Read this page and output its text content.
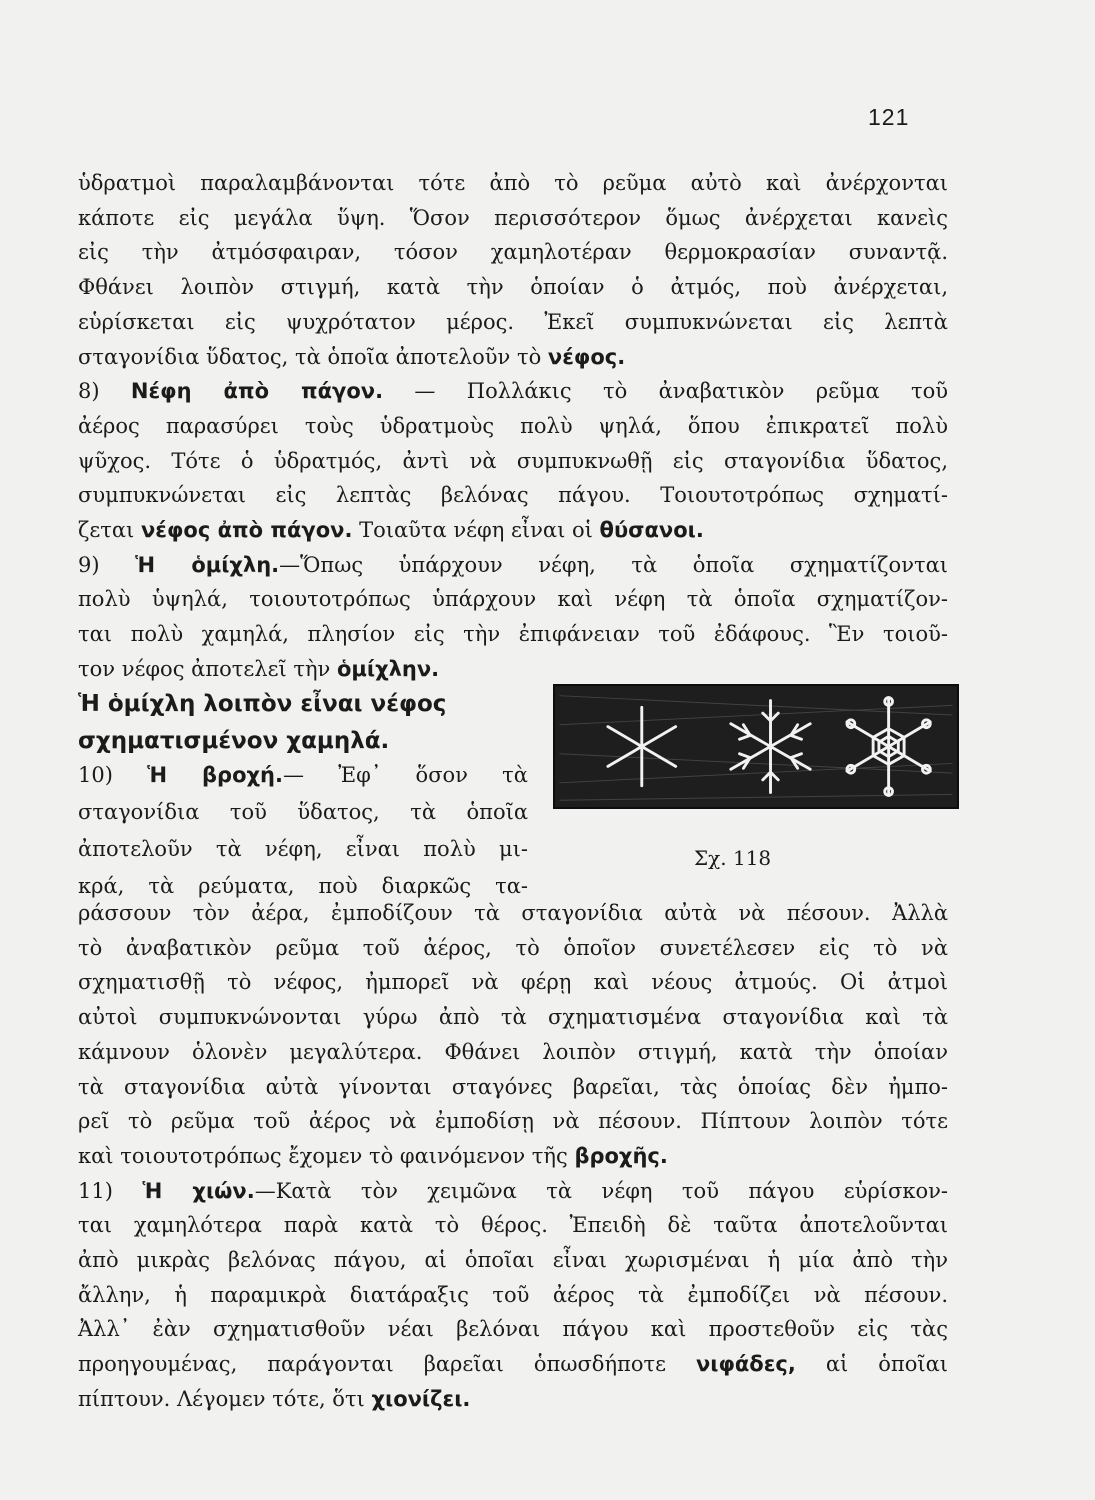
121
ὑδρατμοὶ παραλαμβάνονται τότε ἀπὸ τὸ ρεῦμα αὐτὸ καὶ ἀνέρχονται
κάποτε εἰς μεγάλα ὕψη. Ὅσον περισσότερον ὅμως ἀνέρχεται κανεὶς
εἰς τὴν ἀτμόσφαιραν, τόσον χαμηλοτέραν θερμοκρασίαν συναντᾷ.
Φθάνει λοιπὸν στιγμή, κατὰ τὴν ὁποίαν ὁ ἀτμός, ποὺ ἀνέρχεται,
εὑρίσκεται εἰς ψυχρότατον μέρος. Ἐκεῖ συμπυκνώνεται εἰς λεπτὰ
σταγονίδια ὕδατος, τὰ ὁποῖα ἀποτελοῦν τὸ νέφος.
8) Νέφη ἀπὸ πάγον. — Πολλάκις τὸ ἀναβατικὸν ρεῦμα τοῦ
ἀέρος παρασύρει τοὺς ὑδρατμοὺς πολὺ ψηλά, ὅπου ἐπικρατεῖ πολὺ
ψῦχος. Τότε ὁ ὑδρατμός, ἀντὶ νὰ συμπυκνωθῇ εἰς σταγονίδια ὕδατος,
συμπυκνώνεται εἰς λεπτὰς βελόνας πάγου. Τοιουτοτρόπως σχηματί-
ζεται νέφος ἀπὸ πάγον. Τοιαῦτα νέφη εἶναι οἱ θύσανοι.
9) Ἡ ὁμίχλη.—Ὅπως ὑπάρχουν νέφη, τὰ ὁποῖα σχηματίζονται
πολὺ ὑψηλά, τοιουτοτρόπως ὑπάρχουν καὶ νέφη τὰ ὁποῖα σχηματίζον-
ται πολὺ χαμηλά, πλησίον εἰς τὴν ἐπιφάνειαν τοῦ ἐδάφους. Ἓν τοιοῦ-
τον νέφος ἀποτελεῖ τὴν ὁμίχλην.
Ἡ ὁμίχλη λοιπὸν εἶναι νέφος
σχηματισμένον χαμηλά.
10) Ἡ βροχή.— Ἐφ᾽ ὅσον τὰ
σταγονίδια τοῦ ὕδατος, τὰ ὁποῖα
ἀποτελοῦν τὰ νέφη, εἶναι πολὺ μι-
κρά, τὰ ρεύματα, ποὺ διαρκῶς τα-
Σχ. 118
ράσσουν τὸν ἀέρα, ἐμποδίζουν τὰ σταγονίδια αὐτὰ νὰ πέσουν. Ἀλλὰ
τὸ ἀναβατικὸν ρεῦμα τοῦ ἀέρος, τὸ ὁποῖον συνετέλεσεν εἰς τὸ νὰ
σχηματισθῇ τὸ νέφος, ἠμπορεῖ νὰ φέρῃ καὶ νέους ἀτμούς. Οἱ ἀτμοὶ
αὐτοὶ συμπυκνώνονται γύρω ἀπὸ τὰ σχηματισμένα σταγονίδια καὶ τὰ
κάμνουν ὁλονὲν μεγαλύτερα. Φθάνει λοιπὸν στιγμή, κατὰ τὴν ὁποίαν
τὰ σταγονίδια αὐτὰ γίνονται σταγόνες βαρεῖαι, τὰς ὁποίας δὲν ἠμπο-
ρεῖ τὸ ρεῦμα τοῦ ἀέρος νὰ ἐμποδίσῃ νὰ πέσουν. Πίπτουν λοιπὸν τότε
καὶ τοιουτοτρόπως ἔχομεν τὸ φαινόμενον τῆς βροχῆς.
11) Ἡ χιών.—Κατὰ τὸν χειμῶνα τὰ νέφη τοῦ πάγου εὑρίσκον-
ται χαμηλότερα παρὰ κατὰ τὸ θέρος. Ἐπειδὴ δὲ ταῦτα ἀποτελοῦνται
ἀπὸ μικρὰς βελόνας πάγου, αἱ ὁποῖαι εἶναι χωρισμέναι ἡ μία ἀπὸ τὴν
ἄλλην, ἡ παραμικρὰ διατάραξις τοῦ ἀέρος τὰ ἐμποδίζει νὰ πέσουν.
Ἀλλ᾽ ἐὰν σχηματισθοῦν νέαι βελόναι πάγου καὶ προστεθοῦν εἰς τὰς
προηγουμένας, παράγονται βαρεῖαι ὁπωσδήποτε νιφάδες, αἱ ὁποῖαι
πίπτουν. Λέγομεν τότε, ὅτι χιονίζει.
